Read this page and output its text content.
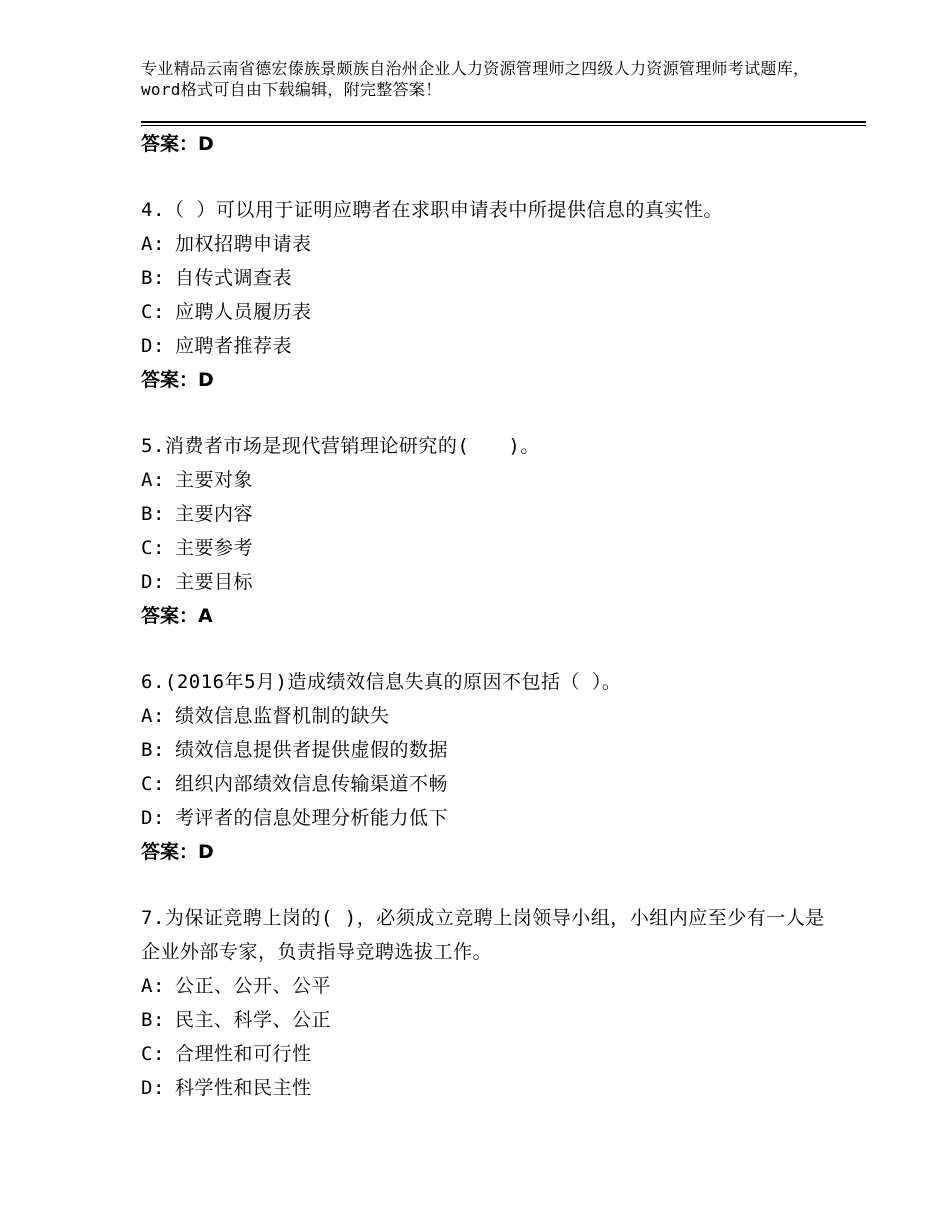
专业精品云南省德宏傣族景颇族自治州企业人力资源管理师之四级人力资源管理师考试题库，word格式可自由下载编辑，附完整答案！
答案：D
4.（ ）可以用于证明应聘者在求职申请表中所提供信息的真实性。
A: 加权招聘申请表
B: 自传式调查表
C: 应聘人员履历表
D: 应聘者推荐表
答案：D
5.消费者市场是现代营销理论研究的(　　)。
A: 主要对象
B: 主要内容
C: 主要参考
D: 主要目标
答案：A
6.(2016年5月)造成绩效信息失真的原因不包括（ ）。
A: 绩效信息监督机制的缺失
B: 绩效信息提供者提供虚假的数据
C: 组织内部绩效信息传输渠道不畅
D: 考评者的信息处理分析能力低下
答案：D
7.为保证竞聘上岗的( )，必须成立竞聘上岗领导小组，小组内应至少有一人是企业外部专家，负责指导竞聘选拔工作。
A: 公正、公开、公平
B: 民主、科学、公正
C: 合理性和可行性
D: 科学性和民主性
